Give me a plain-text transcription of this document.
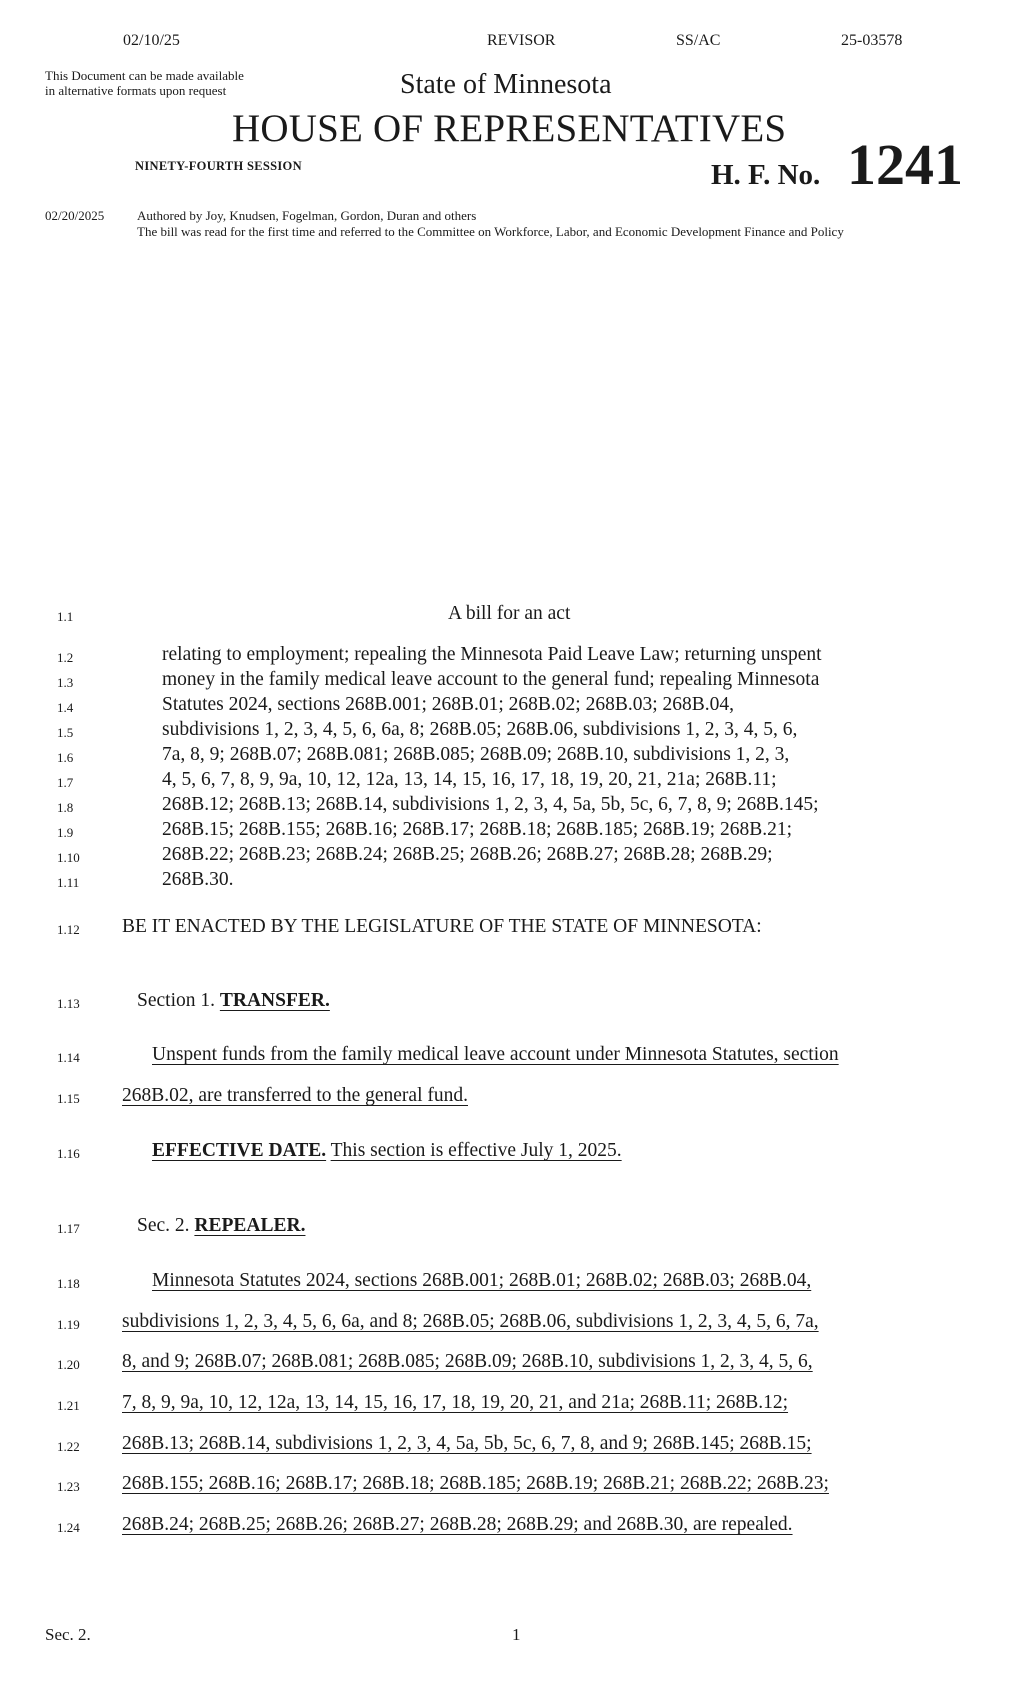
02/10/25	REVISOR	SS/AC	25-03578
This Document can be made available
in alternative formats upon request	State of Minnesota
HOUSE OF REPRESENTATIVES
NINETY-FOURTH SESSION	H. F. No. 1241
02/20/2025	Authored by Joy, Knudsen, Fogelman, Gordon, Duran and others
The bill was read for the first time and referred to the Committee on Workforce, Labor, and Economic Development Finance and Policy
1.1	A bill for an act
1.2	relating to employment; repealing the Minnesota Paid Leave Law; returning unspent
1.3	money in the family medical leave account to the general fund; repealing Minnesota
1.4	Statutes 2024, sections 268B.001; 268B.01; 268B.02; 268B.03; 268B.04,
1.5	subdivisions 1, 2, 3, 4, 5, 6, 6a, 8; 268B.05; 268B.06, subdivisions 1, 2, 3, 4, 5, 6,
1.6	7a, 8, 9; 268B.07; 268B.081; 268B.085; 268B.09; 268B.10, subdivisions 1, 2, 3,
1.7	4, 5, 6, 7, 8, 9, 9a, 10, 12, 12a, 13, 14, 15, 16, 17, 18, 19, 20, 21, 21a; 268B.11;
1.8	268B.12; 268B.13; 268B.14, subdivisions 1, 2, 3, 4, 5a, 5b, 5c, 6, 7, 8, 9; 268B.145;
1.9	268B.15; 268B.155; 268B.16; 268B.17; 268B.18; 268B.185; 268B.19; 268B.21;
1.10	268B.22; 268B.23; 268B.24; 268B.25; 268B.26; 268B.27; 268B.28; 268B.29;
1.11	268B.30.
1.12 BE IT ENACTED BY THE LEGISLATURE OF THE STATE OF MINNESOTA:
1.13	Section 1. TRANSFER.
1.14	Unspent funds from the family medical leave account under Minnesota Statutes, section
1.15 268B.02, are transferred to the general fund.
1.16	EFFECTIVE DATE. This section is effective July 1, 2025.
1.17	Sec. 2. REPEALER.
1.18	Minnesota Statutes 2024, sections 268B.001; 268B.01; 268B.02; 268B.03; 268B.04,
1.19 subdivisions 1, 2, 3, 4, 5, 6, 6a, and 8; 268B.05; 268B.06, subdivisions 1, 2, 3, 4, 5, 6, 7a,
1.20 8, and 9; 268B.07; 268B.081; 268B.085; 268B.09; 268B.10, subdivisions 1, 2, 3, 4, 5, 6,
1.21 7, 8, 9, 9a, 10, 12, 12a, 13, 14, 15, 16, 17, 18, 19, 20, 21, and 21a; 268B.11; 268B.12;
1.22 268B.13; 268B.14, subdivisions 1, 2, 3, 4, 5a, 5b, 5c, 6, 7, 8, and 9; 268B.145; 268B.15;
1.23 268B.155; 268B.16; 268B.17; 268B.18; 268B.185; 268B.19; 268B.21; 268B.22; 268B.23;
1.24 268B.24; 268B.25; 268B.26; 268B.27; 268B.28; 268B.29; and 268B.30, are repealed.
Sec. 2.	1
